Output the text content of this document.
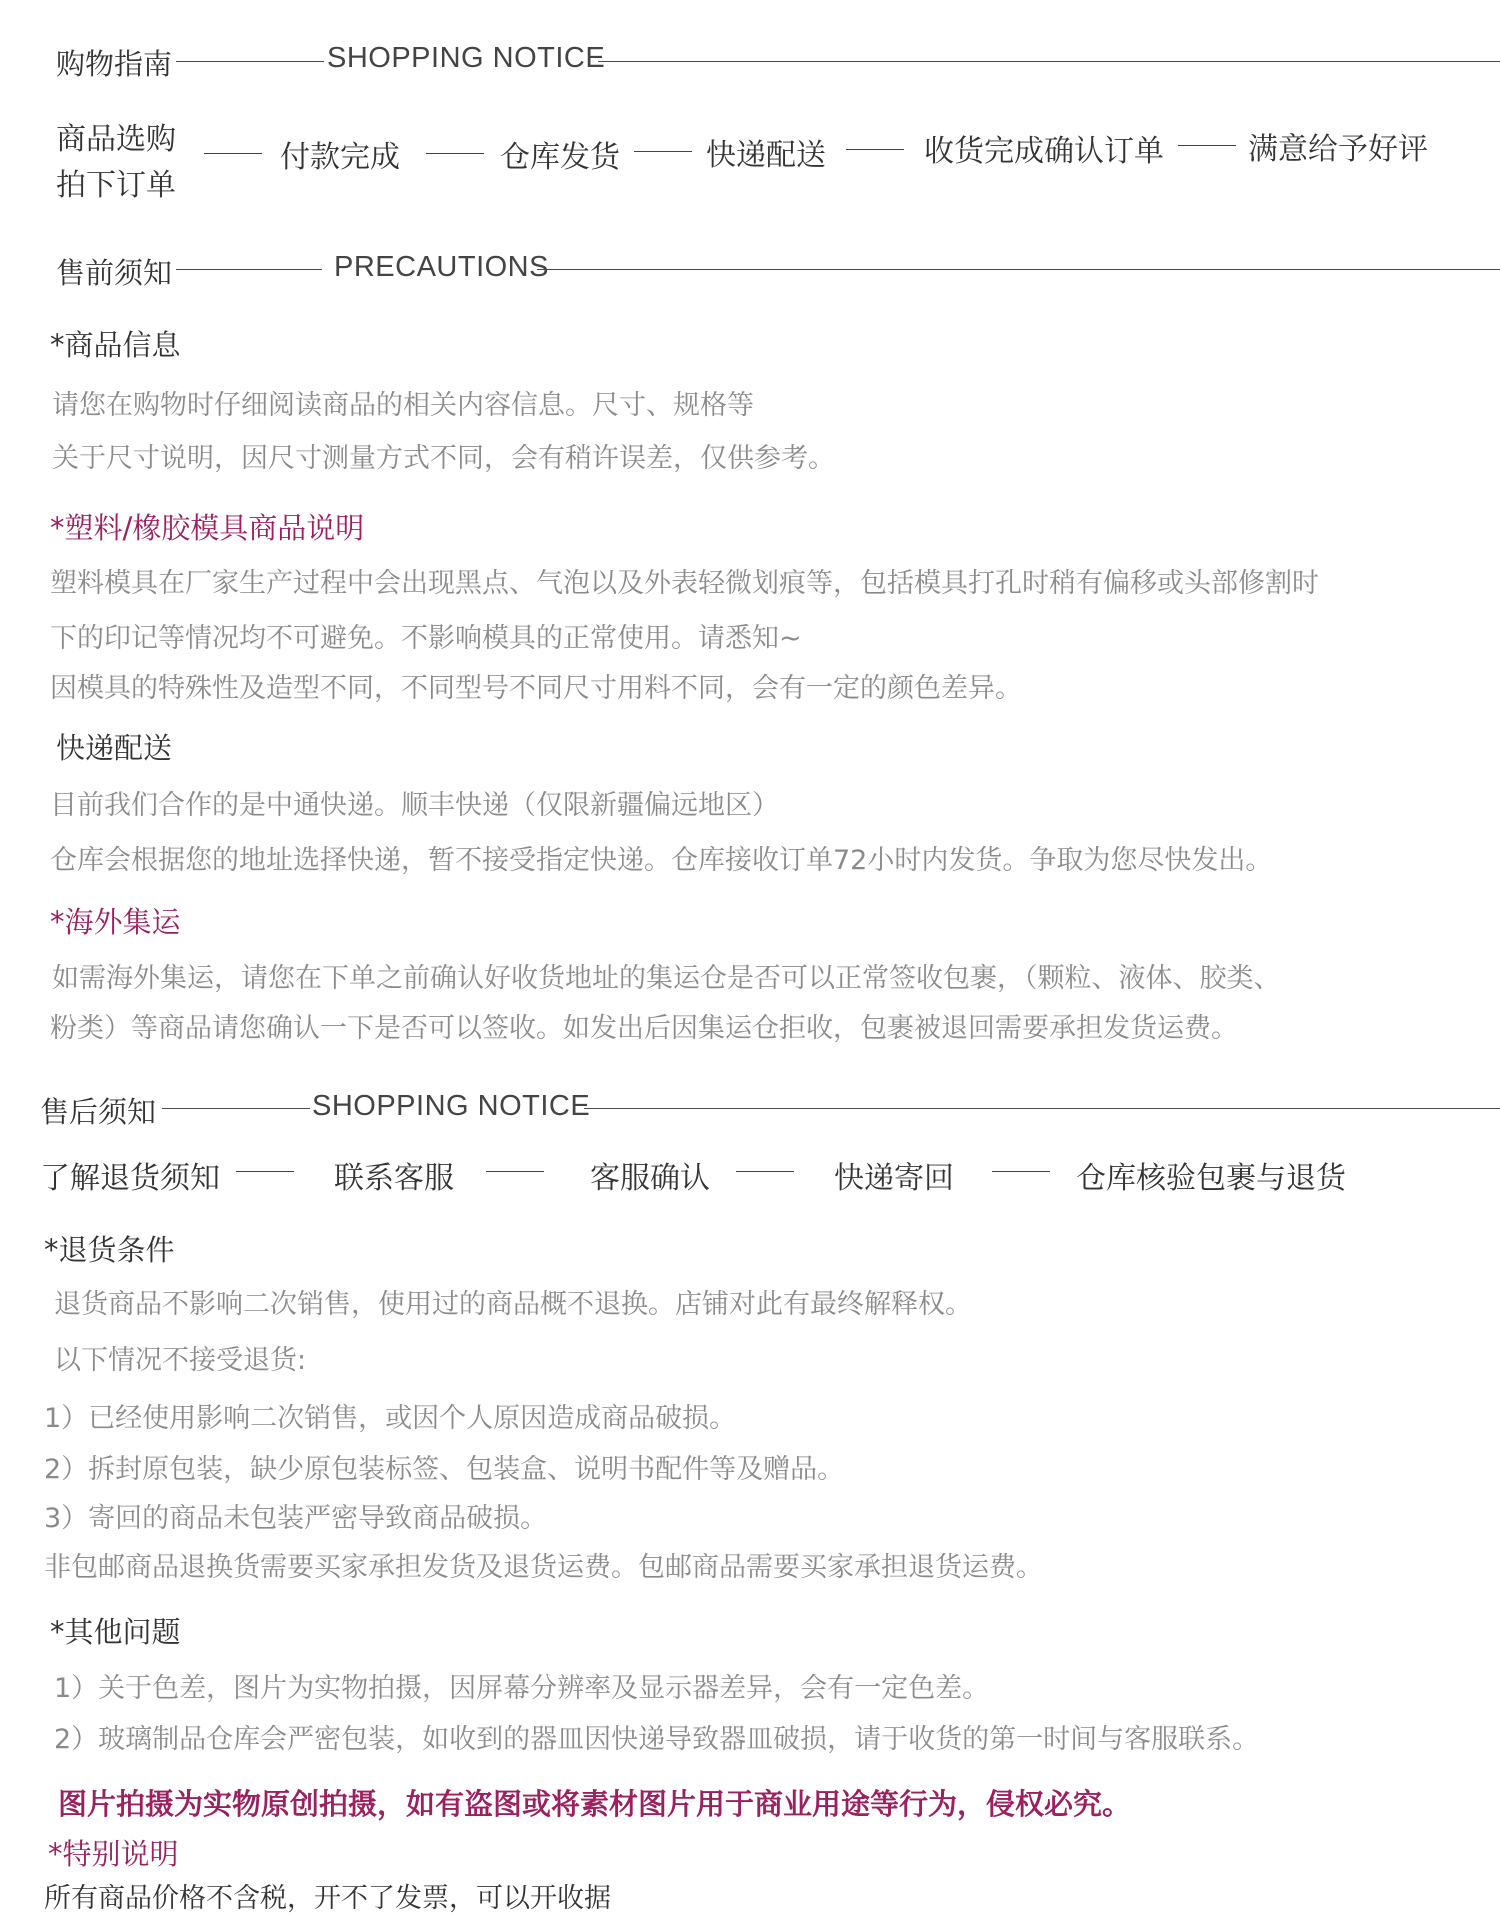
购物指南	SHOPPING NOTICE
商品选购
拍下订单
付款完成	仓库发货	快递配送	收货完成确认订单	满意给予好评
售前须知	PRECAUTIONS
*商品信息
请您在购物时仔细阅读商品的相关内容信息。尺寸、规格等
关于尺寸说明，因尺寸测量方式不同，会有稍许误差，仅供参考。
*塑料/橡胶模具商品说明
塑料模具在厂家生产过程中会出现黑点、气泡以及外表轻微划痕等，包括模具打孔时稍有偏移或头部修割时
下的印记等情况均不可避免。不影响模具的正常使用。请悉知~
因模具的特殊性及造型不同，不同型号不同尺寸用料不同，会有一定的颜色差异。
快递配送
目前我们合作的是中通快递。顺丰快递（仅限新疆偏远地区）
仓库会根据您的地址选择快递，暂不接受指定快递。仓库接收订单72小时内发货。争取为您尽快发出。
*海外集运
如需海外集运，请您在下单之前确认好收货地址的集运仓是否可以正常签收包裹，（颗粒、液体、胶类、
粉类）等商品请您确认一下是否可以签收。如发出后因集运仓拒收，包裹被退回需要承担发货运费。
售后须知	SHOPPING NOTICE
了解退货须知	联系客服	客服确认	快递寄回	仓库核验包裹与退货
*退货条件
退货商品不影响二次销售，使用过的商品概不退换。店铺对此有最终解释权。
以下情况不接受退货:
1）已经使用影响二次销售，或因个人原因造成商品破损。
2）拆封原包装，缺少原包装标签、包装盒、说明书配件等及赠品。
3）寄回的商品未包装严密导致商品破损。
非包邮商品退换货需要买家承担发货及退货运费。包邮商品需要买家承担退货运费。
*其他问题
1）关于色差，图片为实物拍摄，因屏幕分辨率及显示器差异，会有一定色差。
2）玻璃制品仓库会严密包装，如收到的器皿因快递导致器皿破损，请于收货的第一时间与客服联系。
图片拍摄为实物原创拍摄，如有盗图或将素材图片用于商业用途等行为，侵权必究。
*特别说明
所有商品价格不含税，开不了发票，可以开收据
